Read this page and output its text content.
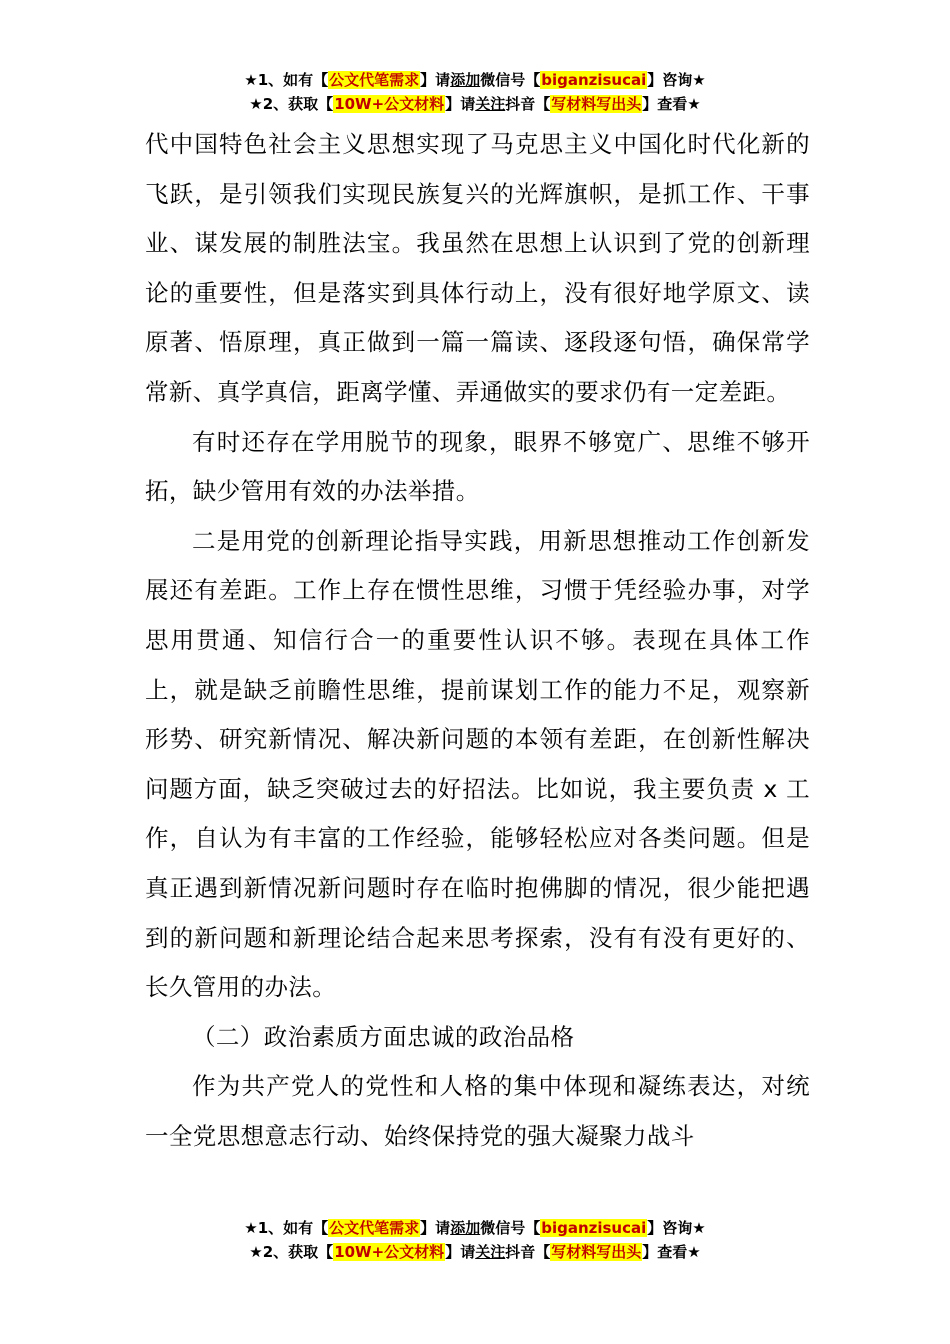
★1、如有【公文代笔需求】请添加微信号【biganzisucai】咨询★
★2、获取【10W+公文材料】请关注抖音【写材料写出头】查看★

代中国特色社会主义思想实现了马克思主义中国化时代化新的飞跃，是引领我们实现民族复兴的光辉旗帜，是抓工作、干事业、谋发展的制胜法宝。我虽然在思想上认识到了党的创新理论的重要性，但是落实到具体行动上，没有很好地学原文、读原著、悟原理，真正做到一篇一篇读、逐段逐句悟，确保常学常新、真学真信，距离学懂、弄通做实的要求仍有一定差距。

有时还存在学用脱节的现象，眼界不够宽广、思维不够开拓，缺少管用有效的办法举措。

二是用党的创新理论指导实践，用新思想推动工作创新发展还有差距。工作上存在惯性思维，习惯于凭经验办事，对学思用贯通、知信行合一的重要性认识不够。表现在具体工作上，就是缺乏前瞻性思维，提前谋划工作的能力不足，观察新形势、研究新情况、解决新问题的本领有差距，在创新性解决问题方面，缺乏突破过去的好招法。比如说，我主要负责 x 工作，自认为有丰富的工作经验，能够轻松应对各类问题。但是真正遇到新情况新问题时存在临时抱佛脚的情况，很少能把遇到的新问题和新理论结合起来思考探索，没有有没有更好的、长久管用的办法。

（二）政治素质方面忠诚的政治品格

作为共产党人的党性和人格的集中体现和凝练表达，对统一全党思想意志行动、始终保持党的强大凝聚力战斗

★1、如有【公文代笔需求】请添加微信号【biganzisucai】咨询★
★2、获取【10W+公文材料】请关注抖音【写材料写出头】查看★
